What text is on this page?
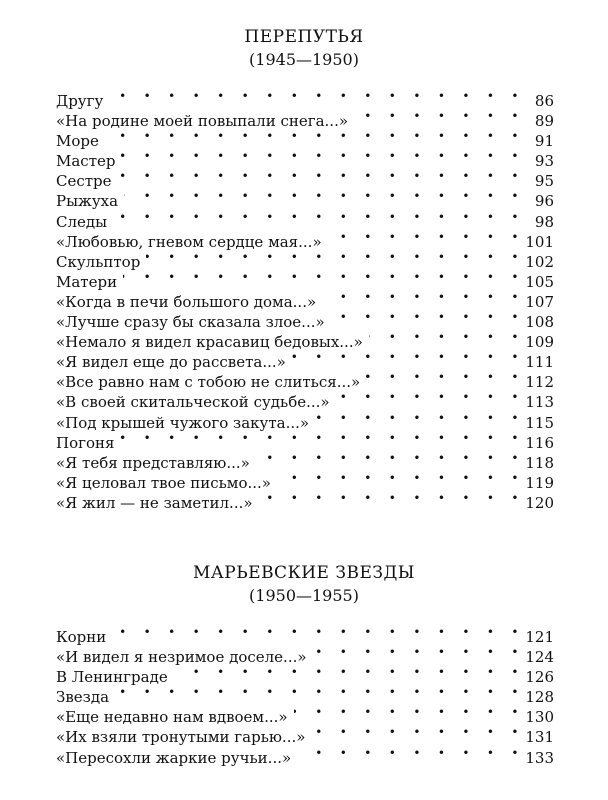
ПЕРЕПУТЬЯ
(1945—1950)
Другу • •	86
«На родине моей повыпали снега...» • •	89
Море • •	91
Мастер • •	93
Сестре • •	95
Рыжуха • •	96
Следы • •	98
«Любовью, гневом сердце мая...» • •	101
Скульптор • •	102
Матери • •	105
«Когда в печи большого дома...» • •	107
«Лучше сразу бы сказала злое...» • •	108
«Немало я видел красавиц бедовых...» • •	109
«Я видел еще до рассвета...» • •	111
«Все равно нам с тобою не слиться...» • •	112
«В своей скитальческой судьбе...» • •	113
«Под крышей чужого закута...» • •	115
Погоня • •	116
«Я тебя представляю...» • •	118
«Я целовал твое письмо...» • •	119
«Я жил — не заметил...» • •	120
МАРЬЕВСКИЕ ЗВЕЗДЫ
(1950—1955)
Корни • •	121
«И видел я незримое доселе...» • •	124
В Ленинграде • •	126
Звезда • •	128
«Еще недавно нам вдвоем...» • •	130
«Их взяли тронутыми гарью...» • •	131
«Пересохли жаркие ручьи...» • •	133
